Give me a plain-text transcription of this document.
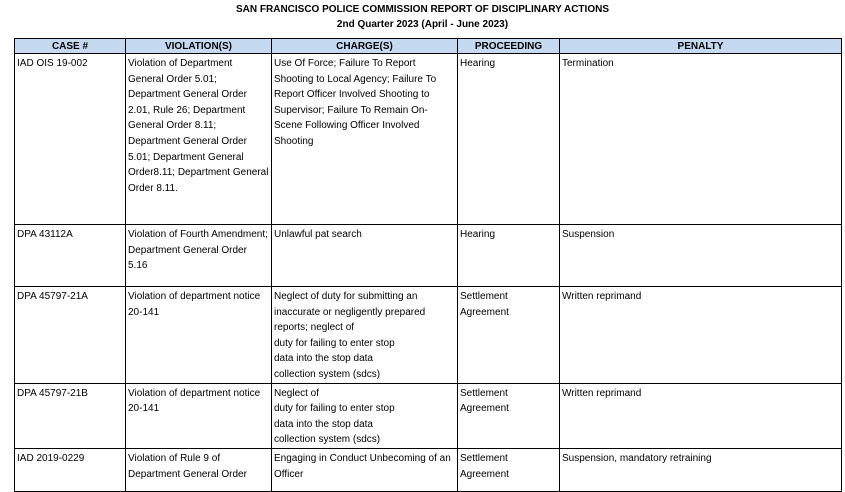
SAN FRANCISCO POLICE COMMISSION REPORT OF DISCIPLINARY ACTIONS
2nd Quarter 2023 (April - June 2023)
CASE #	VIOLATION(S)	CHARGE(S)	PROCEEDING	PENALTY
IAD OIS 19-002	Violation of Department General Order 5.01; Department General Order 2.01, Rule 26; Department General Order 8.11; Department General Order 5.01; Department General Order8.11; Department General Order 8.11.	Use Of Force; Failure To Report Shooting to Local Agency; Failure To Report Officer Involved Shooting to Supervisor; Failure To Remain On-Scene Following Officer Involved Shooting	Hearing	Termination
DPA 43112A	Violation of Fourth Amendment; Department General Order 5.16	Unlawful pat search	Hearing	Suspension
DPA 45797-21A	Violation of department notice 20-141	Neglect of duty for submitting an inaccurate or negligently prepared reports; neglect of
duty for failing to enter stop
data into the stop data
collection system (sdcs)	Settlement Agreement	Written reprimand
DPA 45797-21B	Violation of department notice 20-141	Neglect of
duty for failing to enter stop
data into the stop data
collection system (sdcs)	Settlement Agreement	Written reprimand
IAD 2019-0229	Violation of Rule 9 of Department General Order	Engaging in Conduct Unbecoming of an Officer	Settlement Agreement	Suspension, mandatory retraining
